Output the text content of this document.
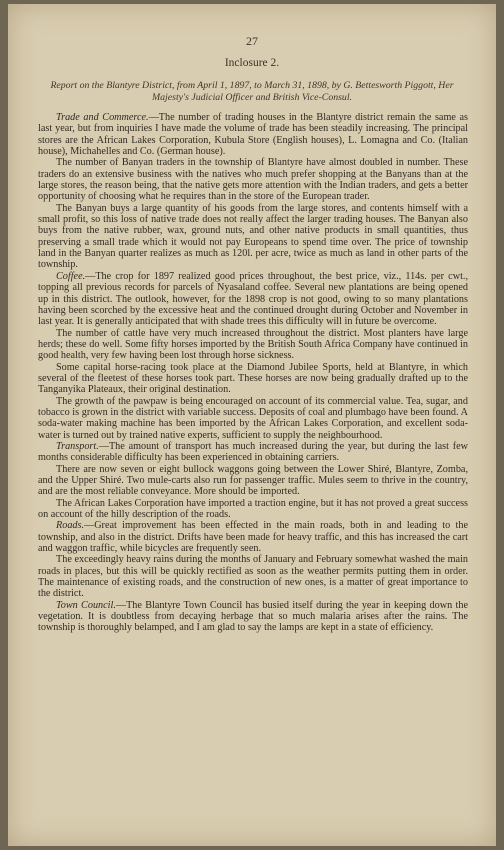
27
Inclosure 2.
Report on the Blantyre District, from April 1, 1897, to March 31, 1898, by G. Bettesworth Piggott, Her Majesty's Judicial Officer and British Vice-Consul.

Trade and Commerce.—The number of trading houses in the Blantyre district remain the same as last year, but from inquiries I have made the volume of trade has been steadily increasing. The principal stores are the African Lakes Corporation, Kubula Store (English houses), L. Lomagna and Co. (Italian house), Michahelles and Co. (German house).

The number of Banyan traders in the township of Blantyre have almost doubled in number. These traders do an extensive business with the natives who much prefer shopping at the Banyans than at the large stores, the reason being, that the native gets more attention with the Indian traders, and gets a better opportunity of choosing what he requires than in the store of the European trader.

The Banyan buys a large quantity of his goods from the large stores, and contents himself with a small profit, so this loss of native trade does not really affect the larger trading houses. The Banyan also buys from the native rubber, wax, ground nuts, and other native products in small quantities, thus preserving a small trade which it would not pay Europeans to spend time over. The price of township land in the Banyan quarter realizes as much as 120l. per acre, twice as much as land in other parts of the township.

Coffee.—The crop for 1897 realized good prices throughout, the best price, viz., 114s. per cwt., topping all previous records for parcels of Nyasaland coffee. Several new plantations are being opened up in this district. The outlook, however, for the 1898 crop is not good, owing to so many plantations having been scorched by the excessive heat and the continued drought during October and November in last year. It is generally anticipated that with shade trees this difficulty will in future be overcome.

The number of cattle have very much increased throughout the district. Most planters have large herds; these do well. Some fifty horses imported by the British South Africa Company have continued in good health, very few having been lost through horse sickness.

Some capital horse-racing took place at the Diamond Jubilee Sports, held at Blantyre, in which several of the fleetest of these horses took part. These horses are now being gradually drafted up to the Tanganyika Plateaux, their original destination.

The growth of the pawpaw is being encouraged on account of its commercial value. Tea, sugar, and tobacco is grown in the district with variable success. Deposits of coal and plumbago have been found. A soda-water making machine has been imported by the African Lakes Corporation, and excellent soda-water is turned out by trained native experts, sufficient to supply the neighbourhood.

Transport.—The amount of transport has much increased during the year, but during the last few months considerable difficulty has been experienced in obtaining carriers.

There are now seven or eight bullock waggons going between the Lower Shiré, Blantyre, Zomba, and the Upper Shiré. Two mule-carts also run for passenger traffic. Mules seem to thrive in the country, and are the most reliable conveyance. More should be imported.

The African Lakes Corporation have imported a traction engine, but it has not proved a great success on account of the hilly description of the roads.

Roads.—Great improvement has been effected in the main roads, both in and leading to the township, and also in the district. Drifts have been made for heavy traffic, and this has increased the cart and waggon traffic, while bicycles are frequently seen.

The exceedingly heavy rains during the months of January and February somewhat washed the main roads in places, but this will be quickly rectified as soon as the weather permits putting them in order. The maintenance of existing roads, and the construction of new ones, is a matter of great importance to the district.

Town Council.—The Blantyre Town Council has busied itself during the year in keeping down the vegetation. It is doubtless from decaying herbage that so much malaria arises after the rains. The township is thoroughly belamped, and I am glad to say the lamps are kept in a state of efficiency.
